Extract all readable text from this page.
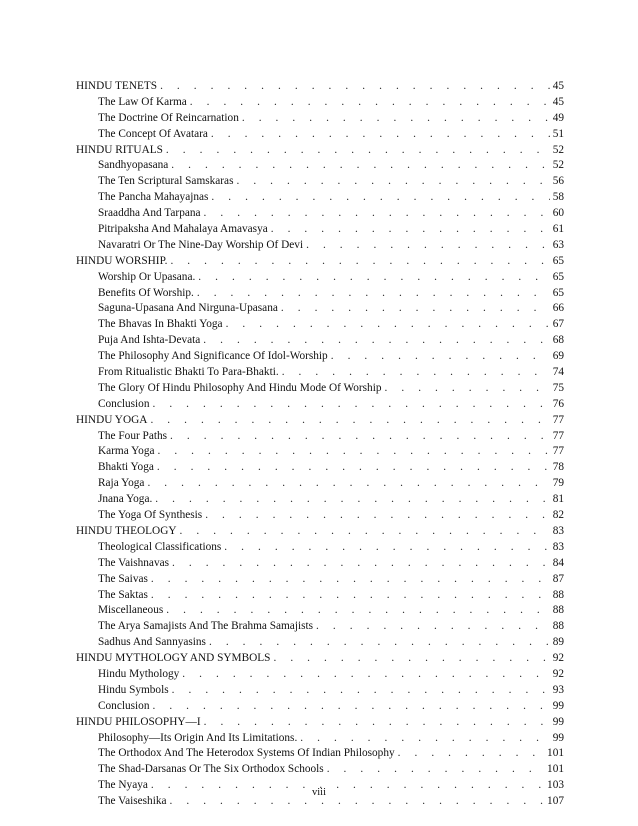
HINDU TENETS . . .	45
The Law Of Karma . . .	45
The Doctrine Of Reincarnation . . .	49
The Concept Of Avatara . . .	51
HINDU RITUALS . . .	52
Sandhyopasana . . .	52
The Ten Scriptural Samskaras . . .	56
The Pancha Mahayajnas . . .	58
Sraaddha And Tarpana . . .	60
Pitripaksha And Mahalaya Amavasya . . .	61
Navaratri Or The Nine-Day Worship Of Devi . . .	63
HINDU WORSHIP. . . .	65
Worship Or Upasana. . . .	65
Benefits Of Worship. . . .	65
Saguna-Upasana And Nirguna-Upasana . . .	66
The Bhavas In Bhakti Yoga . . .	67
Puja And Ishta-Devata . . .	68
The Philosophy And Significance Of Idol-Worship . . .	69
From Ritualistic Bhakti To Para-Bhakti. . . .	74
The Glory Of Hindu Philosophy And Hindu Mode Of Worship . . .	75
Conclusion . . .	76
HINDU YOGA . . .	77
The Four Paths . . .	77
Karma Yoga . . .	77
Bhakti Yoga . . .	78
Raja Yoga . . .	79
Jnana Yoga. . . .	81
The Yoga Of Synthesis . . .	82
HINDU THEOLOGY . . .	83
Theological Classifications . . .	83
The Vaishnavas . . .	84
The Saivas . . .	87
The Saktas . . .	88
Miscellaneous . . .	88
The Arya Samajists And The Brahma Samajists . . .	88
Sadhus And Sannyasins . . .	89
HINDU MYTHOLOGY AND SYMBOLS . . .	92
Hindu Mythology . . .	92
Hindu Symbols . . .	93
Conclusion . . .	99
HINDU PHILOSOPHY—I . . .	99
Philosophy—Its Origin And Its Limitations. . . .	99
The Orthodox And The Heterodox Systems Of Indian Philosophy . . .	101
The Shad-Darsanas Or The Six Orthodox Schools . . .	101
The Nyaya . . .	103
The Vaiseshika . . .	107
viii
